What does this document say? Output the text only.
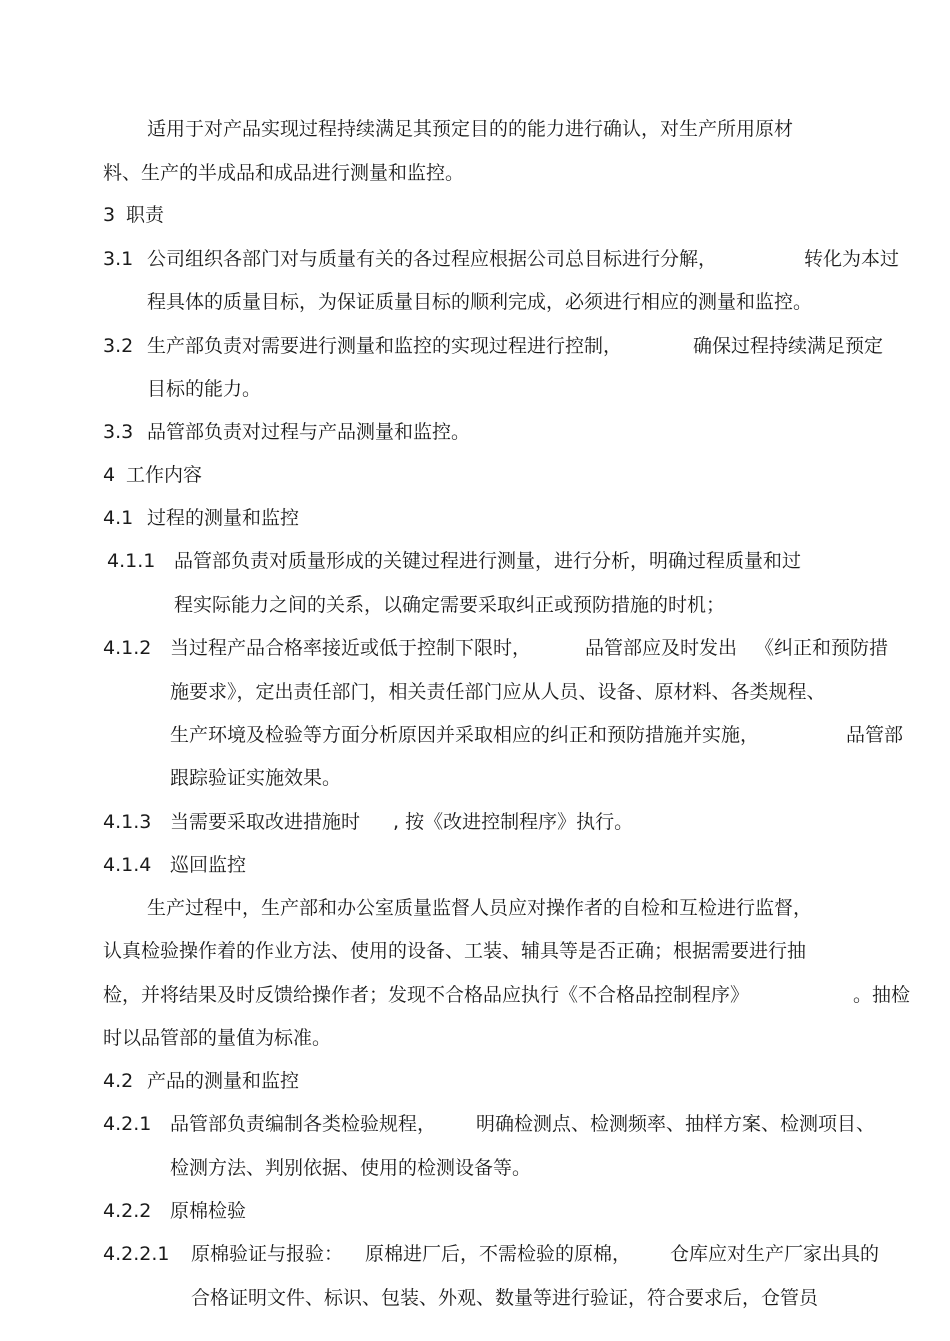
适用于对产品实现过程持续满足其预定目的的能力进行确认，对生产所用原材
料、生产的半成品和成品进行测量和监控。
3 职责
3.1 公司组织各部门对与质量有关的各过程应根据公司总目标进行分解，	转化为本过
程具体的质量目标，为保证质量目标的顺利完成，必须进行相应的测量和监控。
3.2 生产部负责对需要进行测量和监控的实现过程进行控制，	确保过程持续满足预定
目标的能力。
3.3 品管部负责对过程与产品测量和监控。
4 工作内容
4.1 过程的测量和监控
4.1.1 品管部负责对质量形成的关键过程进行测量，进行分析，明确过程质量和过
程实际能力之间的关系，以确定需要采取纠正或预防措施的时机；
4.1.2 当过程产品合格率接近或低于控制下限时，	品管部应及时发出 《纠正和预防措
施要求》，定出责任部门，相关责任部门应从人员、设备、原材料、各类规程、
生产环境及检验等方面分析原因并采取相应的纠正和预防措施并实施，	品管部
跟踪验证实施效果。
4.1.3 当需要采取改进措施时 , 按《改进控制程序》执行。
4.1.4 巡回监控
生产过程中，生产部和办公室质量监督人员应对操作者的自检和互检进行监督，
认真检验操作着的作业方法、使用的设备、工装、辅具等是否正确；根据需要进行抽
检，并将结果及时反馈给操作者；发现不合格品应执行《不合格品控制程序》	。抽检
时以品管部的量值为标准。
4.2 产品的测量和监控
4.2.1 品管部负责编制各类检验规程， 明确检测点、检测频率、抽样方案、检测项目、
检测方法、判别依据、使用的检测设备等。
4.2.2 原棉检验
4.2.2.1 原棉验证与报验： 原棉进厂后，不需检验的原棉， 仓库应对生产厂家出具的
合格证明文件、标识、包装、外观、数量等进行验证，符合要求后，仓管员
